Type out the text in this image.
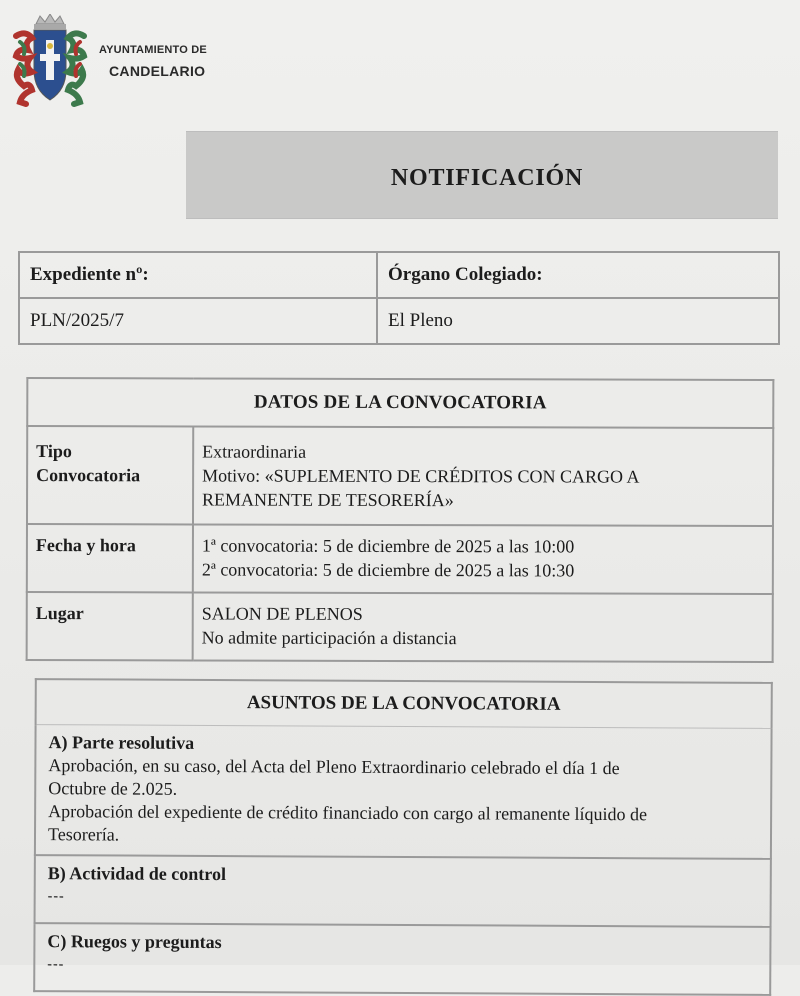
AYUNTAMIENTO DE
CANDELARIO
NOTIFICACIÓN
Expediente nº:	Órgano Colegiado:
PLN/2025/7	El Pleno
DATOS DE LA CONVOCATORIA	
Tipo
Convocatoria	Extraordinaria
Motivo: «SUPLEMENTO DE CRÉDITOS CON CARGO A
REMANENTE DE TESORERÍA»
Fecha y hora	1ª convocatoria: 5 de diciembre de 2025 a las 10:00
2ª convocatoria: 5 de diciembre de 2025 a las 10:30
Lugar	SALON DE PLENOS
No admite participación a distancia
ASUNTOS DE LA CONVOCATORIA

A) Parte resolutiva
Aprobación, en su caso, del Acta del Pleno Extraordinario celebrado el día 1 de
Octubre de 2.025.
Aprobación del expediente de crédito financiado con cargo al remanente líquido de
Tesorería.

B) Actividad de control
---

C) Ruegos y preguntas
---
